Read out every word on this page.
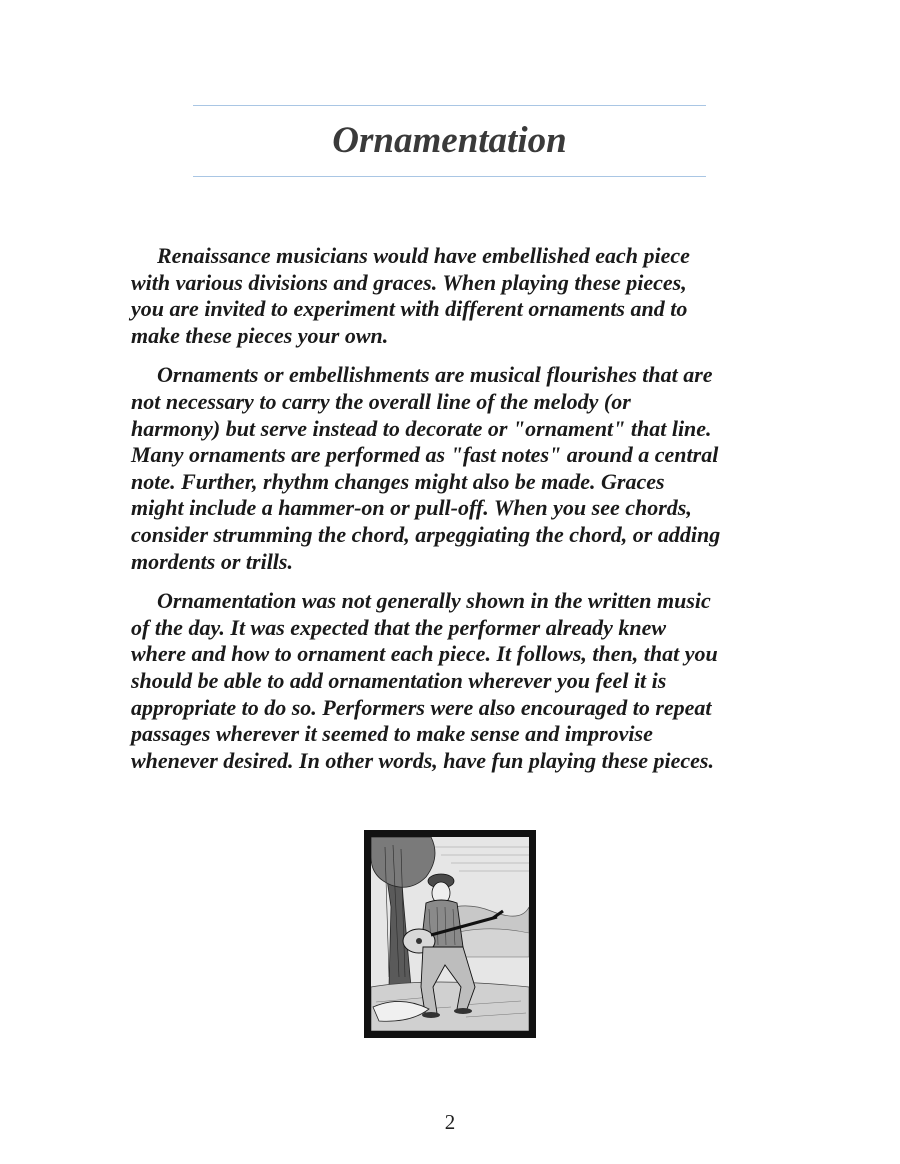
Ornamentation

Renaissance musicians would have embellished each piece
with various divisions and graces. When playing these pieces,
you are invited to experiment with different ornaments and to
make these pieces your own.

Ornaments or embellishments are musical flourishes that are
not necessary to carry the overall line of the melody (or
harmony) but serve instead to decorate or "ornament" that line.
Many ornaments are performed as "fast notes" around a central
note. Further, rhythm changes might also be made. Graces
might include a hammer-on or pull-off. When you see chords,
consider strumming the chord, arpeggiating the chord, or adding
mordents or trills.

Ornamentation was not generally shown in the written music
of the day. It was expected that the performer already knew
where and how to ornament each piece. It follows, then, that you
should be able to add ornamentation wherever you feel it is
appropriate to do so. Performers were also encouraged to repeat
passages wherever it seemed to make sense and improvise
whenever desired. In other words, have fun playing these pieces.

2
